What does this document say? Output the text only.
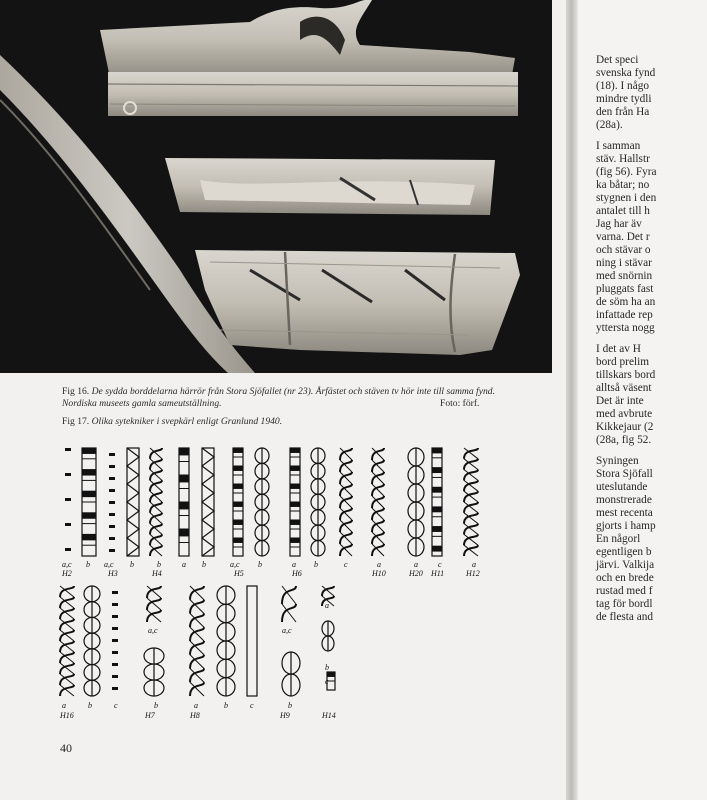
Fig 16. De sydda borddelarna härrör från Stora Sjöfallet (nr 23). Årfästet och stäven tv hör inte till samma fynd. Nordiska museets gamla sameutställning.	Foto: förf.
Fig 17. Olika sytekniker i svepkärl enligt Granlund 1940.
a,c b
H2
a,c b
H3
b	a b
H4
a,c b
H5
a b	c
H6
a
H10
a	c
H20 H11
a
H12
a	b	c
H16
a,c
b
H7
a	b	c
H8
a,c
b
H9
a
b
c
H14
40
Det speci
svenska fynd
(18). I någo
mindre tydli
den från Ha
(28a).
I samman
stäv. Hallstr
(fig 56). Fyra
ka båtar; no
stygnen i den
antalet till h
Jag har äv
varna. Det r
och stävar o
ning i stävar
med snörnin
pluggats fast
de söm ha an
infattade rep
yttersta nogg
I det av H
bord prelim
tillskars bord
alltså väsent
Det är inte
med avbrute
Kikkejaur (2
(28a, fig 52.
Syningen
Stora Sjöfall
uteslutande
monstrerade
mest recenta
gjorts i hamp
En någorl
egentligen b
järvi. Valkija
och en brede
rustad med f
tag för bordl
de flesta and
